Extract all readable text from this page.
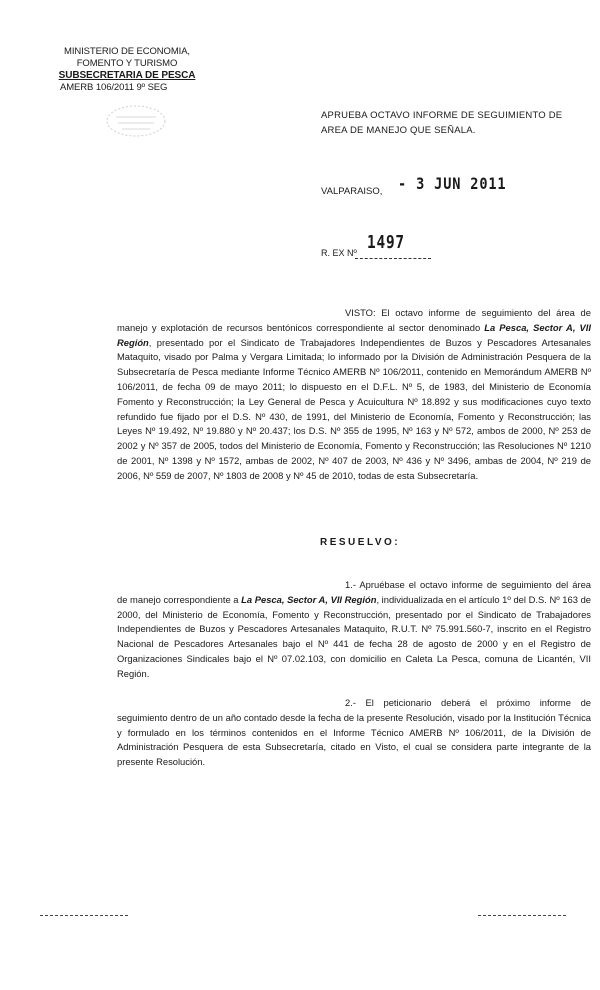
MINISTERIO DE ECONOMIA,
FOMENTO Y TURISMO
SUBSECRETARIA DE PESCA
AMERB 106/2011 9º SEG
APRUEBA OCTAVO INFORME DE SEGUIMIENTO DE AREA DE MANEJO QUE SEÑALA.
VALPARAISO, - 3 JUN 2011
R. EX Nº 1497
VISTO: El octavo informe de seguimiento del área de manejo y explotación de recursos bentónicos correspondiente al sector denominado La Pesca, Sector A, VII Región, presentado por el Sindicato de Trabajadores Independientes de Buzos y Pescadores Artesanales Mataquito, visado por Palma y Vergara Limitada; lo informado por la División de Administración Pesquera de la Subsecretaría de Pesca mediante Informe Técnico AMERB Nº 106/2011, contenido en Memorándum AMERB Nº 106/2011, de fecha 09 de mayo 2011; lo dispuesto en el D.F.L. Nº 5, de 1983, del Ministerio de Economía Fomento y Reconstrucción; la Ley General de Pesca y Acuicultura Nº 18.892 y sus modificaciones cuyo texto refundido fue fijado por el D.S. Nº 430, de 1991, del Ministerio de Economía, Fomento y Reconstrucción; las Leyes Nº 19.492, Nº 19.880 y Nº 20.437; los D.S. Nº 355 de 1995, Nº 163 y Nº 572, ambos de 2000, Nº 253 de 2002 y Nº 357 de 2005, todos del Ministerio de Economía, Fomento y Reconstrucción; las Resoluciones Nº 1210 de 2001, Nº 1398 y Nº 1572, ambas de 2002, Nº 407 de 2003, Nº 436 y Nº 3496, ambas de 2004, Nº 219 de 2006, Nº 559 de 2007, Nº 1803 de 2008 y Nº 45 de 2010, todas de esta Subsecretaría.
RESUELVO:
1.- Apruébase el octavo informe de seguimiento del área de manejo correspondiente a La Pesca, Sector A, VII Región, individualizada en el artículo 1º del D.S. Nº 163 de 2000, del Ministerio de Economía, Fomento y Reconstrucción, presentado por el Sindicato de Trabajadores Independientes de Buzos y Pescadores Artesanales Mataquito, R.U.T. Nº 75.991.560-7, inscrito en el Registro Nacional de Pescadores Artesanales bajo el Nº 441 de fecha 28 de agosto de 2000 y en el Registro de Organizaciones Sindicales bajo el Nº 07.02.103, con domicilio en Caleta La Pesca, comuna de Licantén, VII Región.
2.- El peticionario deberá el próximo informe de seguimiento dentro de un año contado desde la fecha de la presente Resolución, visado por la Institución Técnica y formulado en los términos contenidos en el Informe Técnico AMERB Nº 106/2011, de la División de Administración Pesquera de esta Subsecretaría, citado en Visto, el cual se considera parte integrante de la presente Resolución.
